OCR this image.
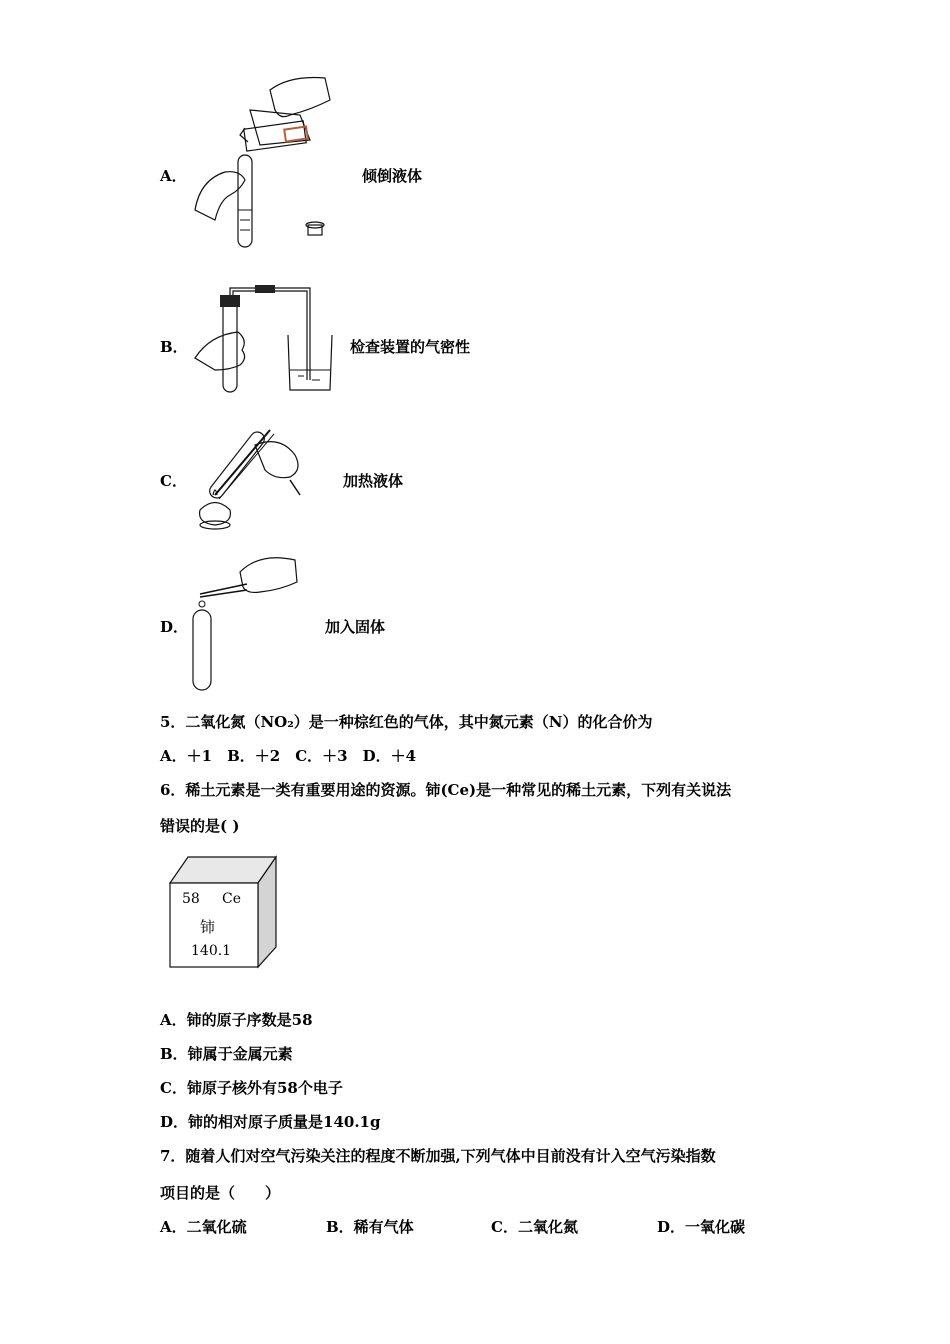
A．	倾倒液体
B．	检查装置的气密性
C．	加热液体
D．	加入固体
5．二氧化氮（NO₂）是一种棕红色的气体，其中氮元素（N）的化合价为
A．＋1　B．＋2　C．＋3　D．＋4
6．稀土元素是一类有重要用途的资源。铈(Ce)是一种常见的稀土元素，下列有关说法
错误的是( )
58 Ce
铈
140.1
A．铈的原子序数是58
B．铈属于金属元素
C．铈原子核外有58个电子
D．铈的相对原子质量是140.1g
7．随着人们对空气污染关注的程度不断加强,下列气体中目前没有计入空气污染指数
项目的是（　　）
A．二氧化硫	B．稀有气体	C．二氧化氮	D．一氧化碳
